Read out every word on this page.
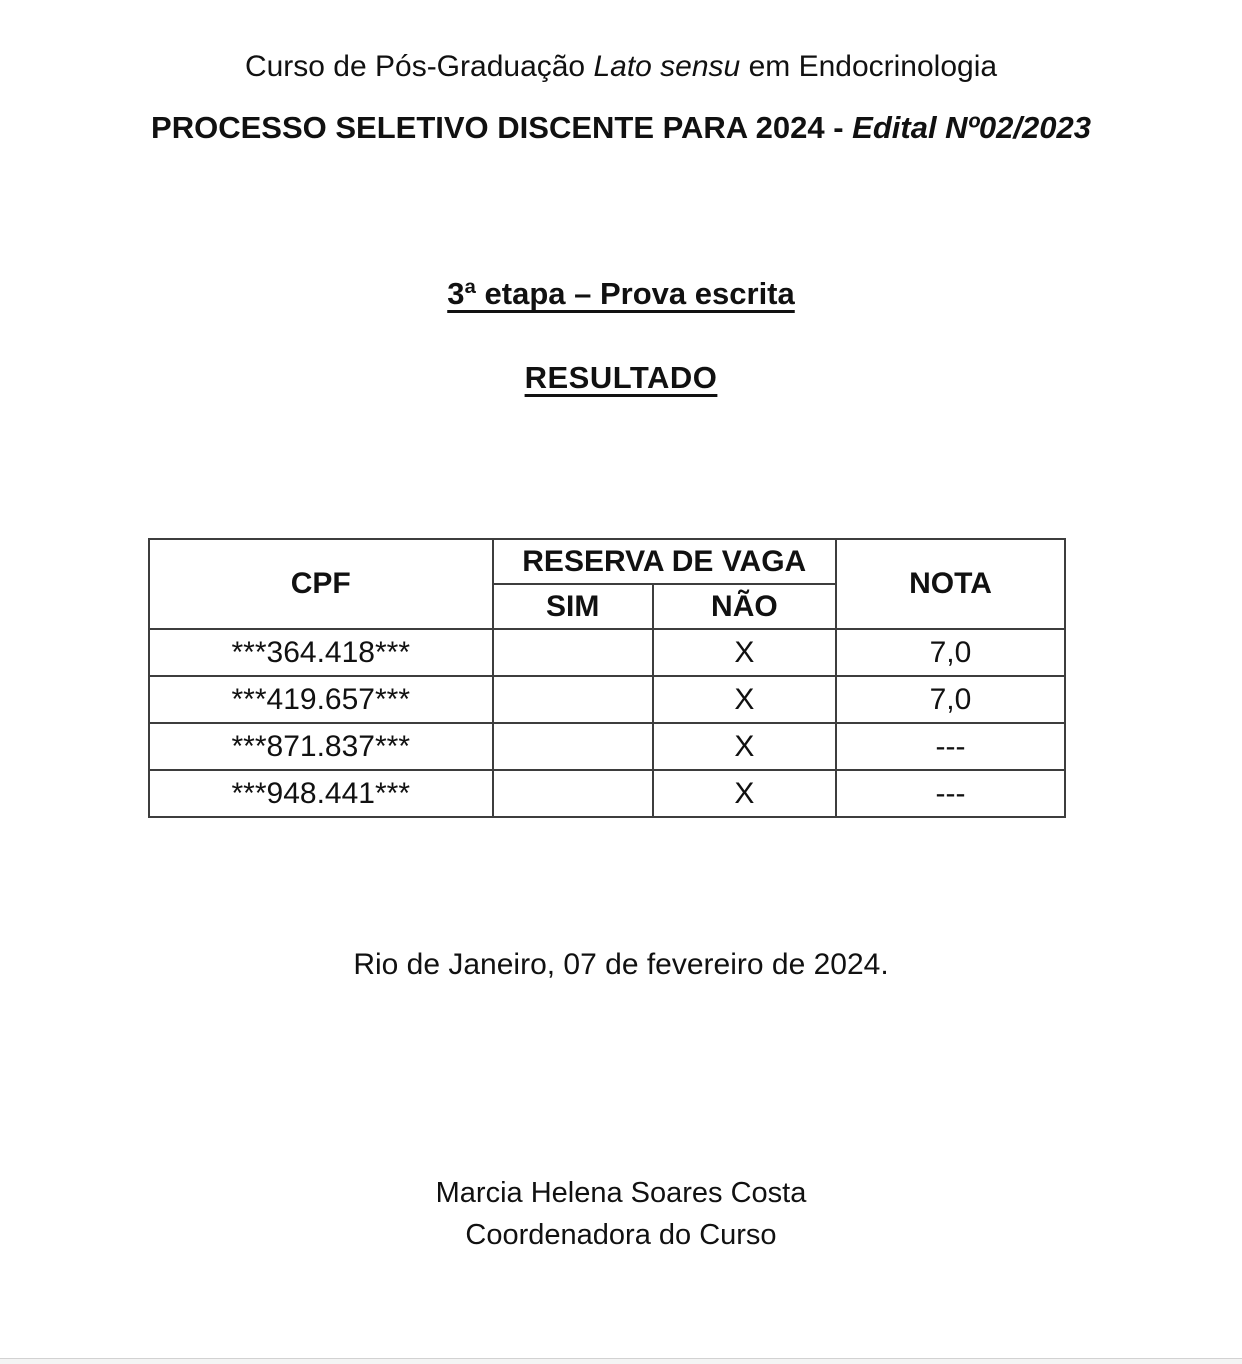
Curso de Pós-Graduação Lato sensu em Endocrinologia
PROCESSO SELETIVO DISCENTE PARA 2024 - Edital Nº02/2023
3ª etapa – Prova escrita
RESULTADO
CPF	RESERVA DE VAGA		NOTA
	SIM	NÃO	
***364.418***		X	7,0
***419.657***		X	7,0
***871.837***		X	---
***948.441***		X	---
Rio de Janeiro, 07 de fevereiro de 2024.
Marcia Helena Soares Costa
Coordenadora do Curso
